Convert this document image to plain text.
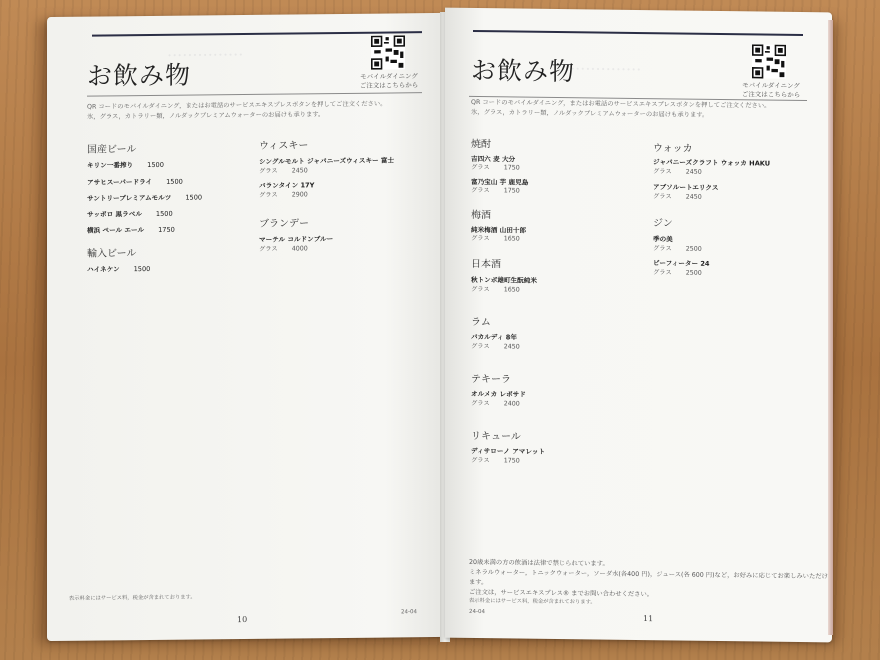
···············
お飲み物	モバイルダイニング
ご注文はこちらから
QR コードのモバイルダイニング，またはお電話のサービスエキスプレスボタンを押してご注文ください。
氷，グラス，カトラリー類，ノルダックプレミアムウォーターのお届けも承ります。
国産ビール
キリン一番搾り 1500
アサヒスーパードライ 1500
サントリープレミアムモルツ 1500
サッポロ 黒ラベル 1500
横浜 ペール エール 1750
輸入ビール
ハイネケン 1500
ウィスキー
シングルモルト ジャパニーズウィスキー 富士
グラス 2450
バランタイン 17Y
グラス 2900
ブランデー
マーテル コルドンブルー
グラス 4000
表示料金にはサービス料，税金が含まれております。
10
24-04
···············
お飲み物	モバイルダイニング
ご注文はこちらから
QR コードのモバイルダイニング，またはお電話のサービスエキスプレスボタンを押してご注文ください。
氷，グラス，カトラリー類，ノルダックプレミアムウォーターのお届けも承ります。
焼酎
吉四六 麦 大分
グラス 1750
富乃宝山 芋 鹿児島
グラス 1750
梅酒
純米梅酒 山田十郎
グラス 1650
日本酒
秋トンボ雄町生酛純米
グラス 1650
ラム
バカルディ 8年
グラス 2450
テキーラ
オルメカ レポサド
グラス 2400
リキュール
ディサローノ アマレット
グラス 1750
ウォッカ
ジャパニーズクラフト ウォッカ HAKU
グラス 2450
アブソルートエリクス
グラス 2450
ジン
季の美
グラス 2500
ビーフィーター 24
グラス 2500
20歳未満の方の飲酒は法律で禁じられています。
ミネラルウォーター，トニックウォーター，ソーダ水(各400 円)，ジュース(各 600 円)など，お好みに応じてお楽しみいただけます。
ご注文は，サービスエキスプレス® までお問い合わせください。
表示料金にはサービス料，税金が含まれております。
24-04
11
